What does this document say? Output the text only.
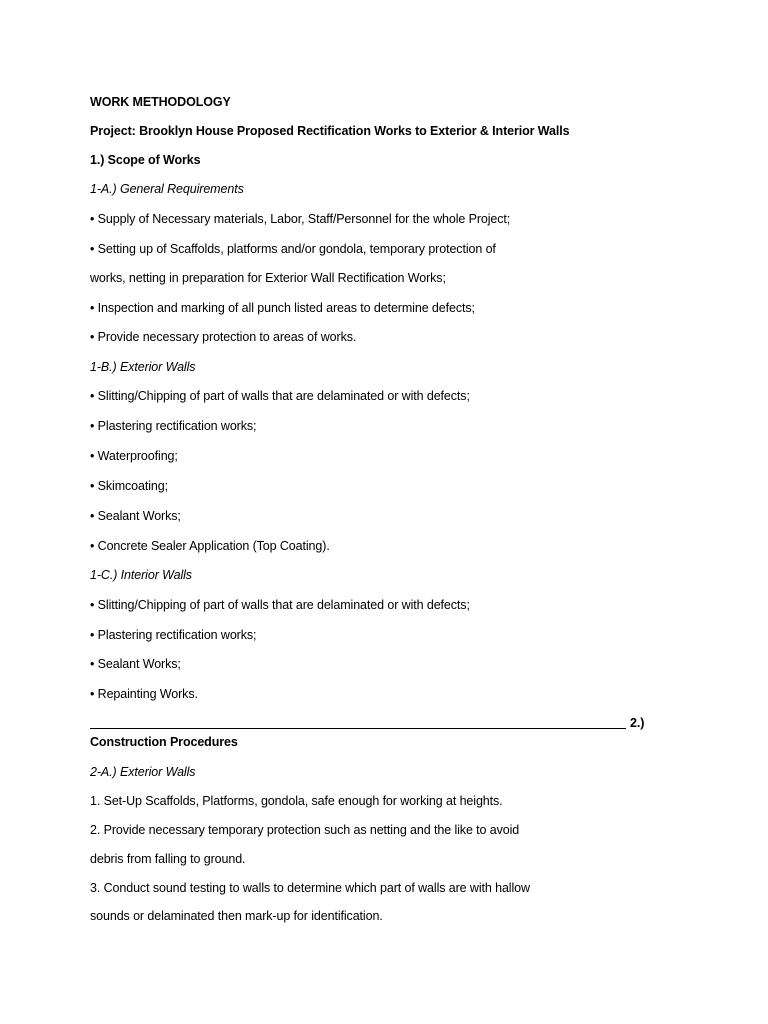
WORK METHODOLOGY
Project: Brooklyn House Proposed Rectification Works to Exterior & Interior Walls
1.) Scope of Works
1-A.) General Requirements
• Supply of Necessary materials, Labor, Staff/Personnel for the whole Project;
• Setting up of Scaffolds, platforms and/or gondola, temporary protection of
works, netting in preparation for Exterior Wall Rectification Works;
• Inspection and marking of all punch listed areas to determine defects;
• Provide necessary protection to areas of works.
1-B.) Exterior Walls
• Slitting/Chipping of part of walls that are delaminated or with defects;
• Plastering rectification works;
• Waterproofing;
• Skimcoating;
• Sealant Works;
• Concrete Sealer Application (Top Coating).
1-C.) Interior Walls
• Slitting/Chipping of part of walls that are delaminated or with defects;
• Plastering rectification works;
• Sealant Works;
• Repainting Works.
2.)
Construction Procedures
2-A.) Exterior Walls
1. Set-Up Scaffolds, Platforms, gondola, safe enough for working at heights.
2. Provide necessary temporary protection such as netting and the like to avoid
debris from falling to ground.
3. Conduct sound testing to walls to determine which part of walls are with hallow
sounds or delaminated then mark-up for identification.
